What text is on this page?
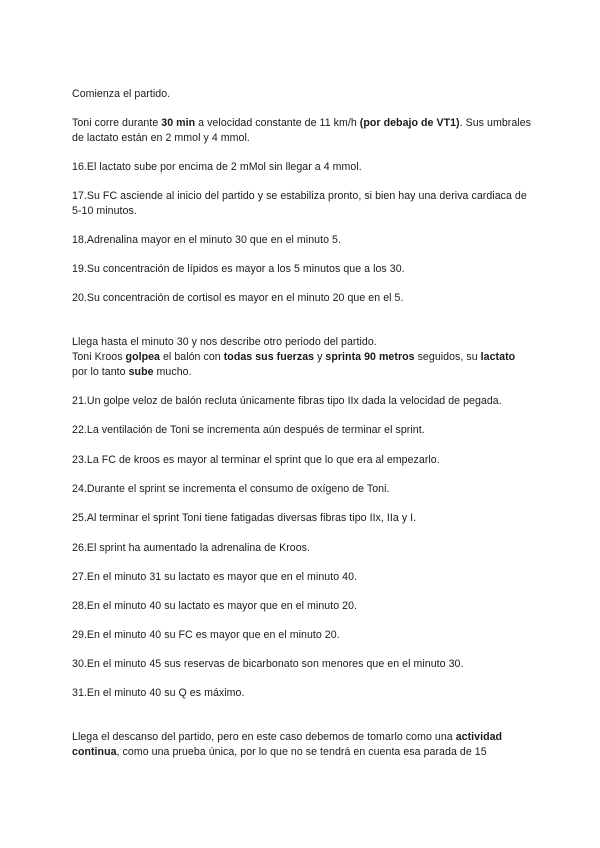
Comienza el partido.

Toni corre durante 30 min a velocidad constante de 11 km/h (por debajo de VT1). Sus umbrales de lactato están en 2 mmol y 4 mmol.

16.El lactato sube por encima de 2 mMol sin llegar a 4 mmol.

17.Su FC asciende al inicio del partido y se estabiliza pronto, si bien hay una deriva cardiaca de 5-10 minutos.

18.Adrenalina mayor en el minuto 30 que en el minuto 5.

19.Su concentración de lípidos es mayor a los 5 minutos que a los 30.

20.Su concentración de cortisol es mayor en el minuto 20 que en el 5.

Llega hasta el minuto 30 y nos describe otro periodo del partido.
Toni Kroos golpea el balón con todas sus fuerzas y sprinta 90 metros seguidos, su lactato por lo tanto sube mucho.

21.Un golpe veloz de balón recluta únicamente fibras tipo IIx dada la velocidad de pegada.

22.La ventilación de Toni se incrementa aún después de terminar el sprint.

23.La FC de kroos es mayor al terminar el sprint que lo que era al empezarlo.

24.Durante el sprint se incrementa el consumo de oxígeno de Toni.

25.Al terminar el sprint Toni tiene fatigadas diversas fibras tipo IIx, IIa y I.

26.El sprint ha aumentado la adrenalina de Kroos.

27.En el minuto 31 su lactato es mayor que en el minuto 40.

28.En el minuto 40 su lactato es mayor que en el minuto 20.

29.En el minuto 40 su FC es mayor que en el minuto 20.

30.En el minuto 45 sus reservas de bicarbonato son menores que en el minuto 30.

31.En el minuto 40 su Q es máximo.

Llega el descanso del partido, pero en este caso debemos de tomarlo como una actividad continua, como una prueba única, por lo que no se tendrá en cuenta esa parada de 15
